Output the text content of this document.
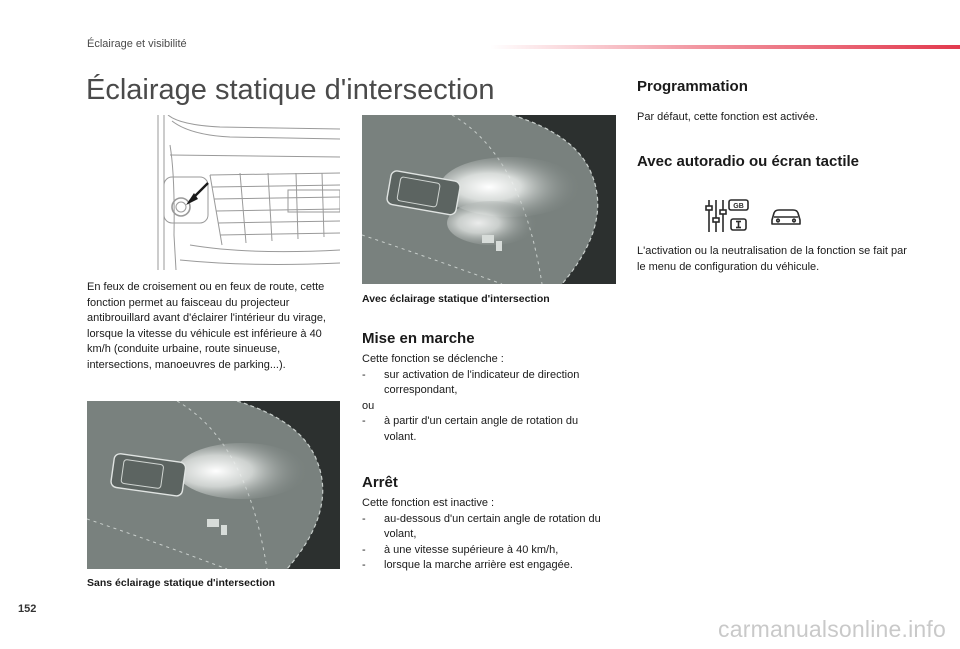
Éclairage et visibilité
Éclairage statique d'intersection
Avec éclairage statique d'intersection
En feux de croisement ou en feux de route, cette fonction permet au faisceau du projecteur antibrouillard avant d'éclairer l'intérieur du virage, lorsque la vitesse du véhicule est inférieure à 40 km/h (conduite urbaine, route sinueuse, intersections, manoeuvres de parking...).
Sans éclairage statique d'intersection
Mise en marche
Cette fonction se déclenche :
- sur activation de l'indicateur de direction correspondant,
ou
- à partir d'un certain angle de rotation du volant.
Arrêt
Cette fonction est inactive :
- au-dessous d'un certain angle de rotation du volant,
- à une vitesse supérieure à 40 km/h,
- lorsque la marche arrière est engagée.
Programmation
Par défaut, cette fonction est activée.
Avec autoradio ou écran tactile
GB
L'activation ou la neutralisation de la fonction se fait par le menu de configuration du véhicule.
152
carmanualsonline.info
